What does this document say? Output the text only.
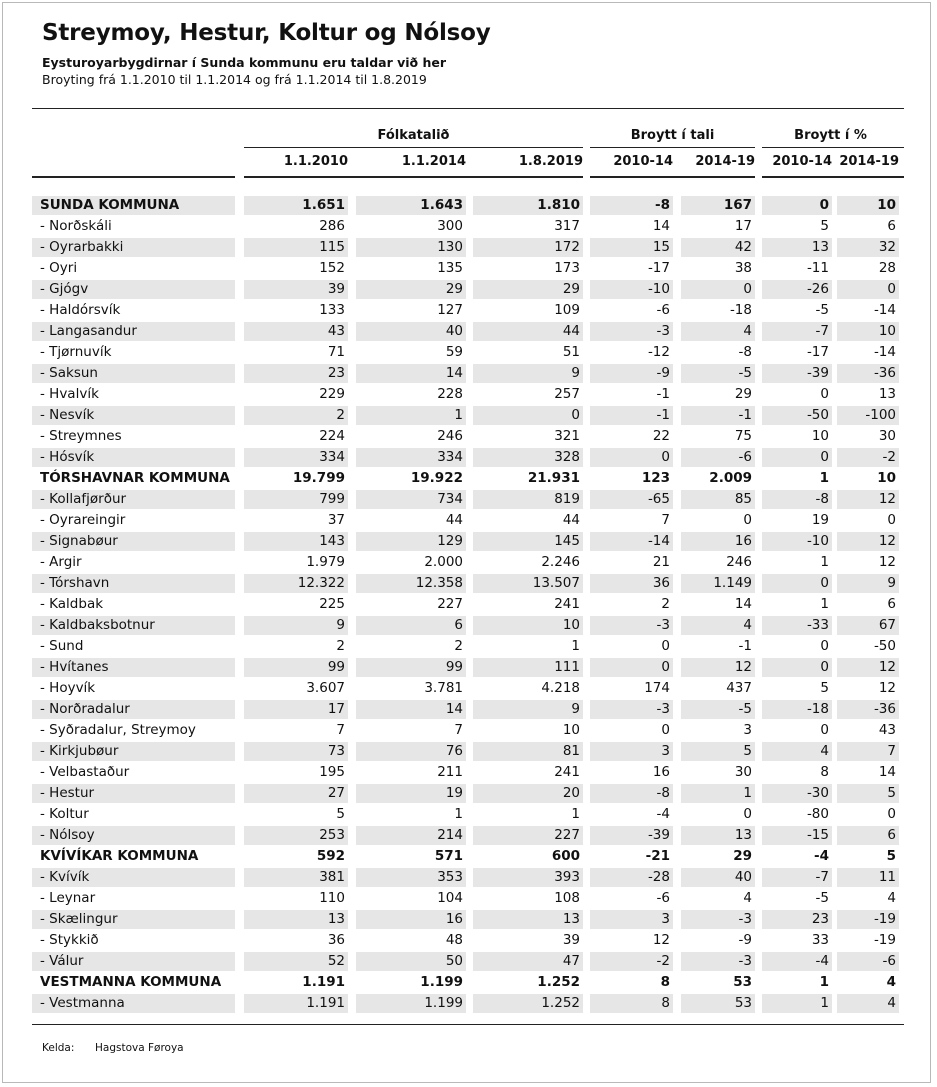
Streymoy, Hestur, Koltur og Nólsoy
Eysturoyarbygdirnar í Sunda kommunu eru taldar við her
Broyting frá 1.1.2010 til 1.1.2014 og frá 1.1.2014 til 1.8.2019
Fólkatalið	Broytt í tali	Broytt í %
1.1.2010	1.1.2014	1.8.2019	2010-14	2014-19	2010-14 2014-19
SUNDA KOMMUNA	1.651	1.643	1.810	-8	167	0	10
- Norðskáli	286	300	317	14	17	5	6
- Oyrarbakki	115	130	172	15	42	13	32
- Oyri	152	135	173	-17	38	-11	28
- Gjógv	39	29	29	-10	0	-26	0
- Haldórsvík	133	127	109	-6	-18	-5	-14
- Langasandur	43	40	44	-3	4	-7	10
- Tjørnuvík	71	59	51	-12	-8	-17	-14
- Saksun	23	14	9	-9	-5	-39	-36
- Hvalvík	229	228	257	-1	29	0	13
- Nesvík	2	1	0	-1	-1	-50	-100
- Streymnes	224	246	321	22	75	10	30
- Hósvík	334	334	328	0	-6	0	-2
TÓRSHAVNAR KOMMUNA	19.799	19.922	21.931	123	2.009	1	10
- Kollafjørður	799	734	819	-65	85	-8	12
- Oyrareingir	37	44	44	7	0	19	0
- Signabøur	143	129	145	-14	16	-10	12
- Argir	1.979	2.000	2.246	21	246	1	12
- Tórshavn	12.322	12.358	13.507	36	1.149	0	9
- Kaldbak	225	227	241	2	14	1	6
- Kaldbaksbotnur	9	6	10	-3	4	-33	67
- Sund	2	2	1	0	-1	0	-50
- Hvítanes	99	99	111	0	12	0	12
- Hoyvík	3.607	3.781	4.218	174	437	5	12
- Norðradalur	17	14	9	-3	-5	-18	-36
- Syðradalur, Streymoy	7	7	10	0	3	0	43
- Kirkjubøur	73	76	81	3	5	4	7
- Velbastaður	195	211	241	16	30	8	14
- Hestur	27	19	20	-8	1	-30	5
- Koltur	5	1	1	-4	0	-80	0
- Nólsoy	253	214	227	-39	13	-15	6
KVÍVÍKAR KOMMUNA	592	571	600	-21	29	-4	5
- Kvívík	381	353	393	-28	40	-7	11
- Leynar	110	104	108	-6	4	-5	4
- Skælingur	13	16	13	3	-3	23	-19
- Stykkið	36	48	39	12	-9	33	-19
- Válur	52	50	47	-2	-3	-4	-6
VESTMANNA KOMMUNA	1.191	1.199	1.252	8	53	1	4
- Vestmanna	1.191	1.199	1.252	8	53	1	4
Kelda: Hagstova Føroya
